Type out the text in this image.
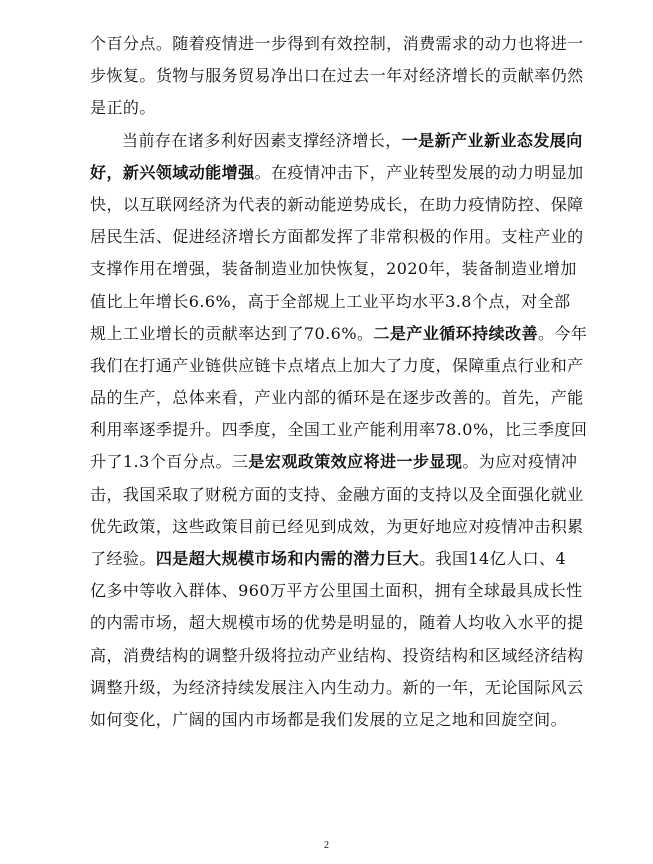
个 百 分 点 。 随 着 疫 情 进 一 步 得 到 有 效 控 制 ， 消 费 需 求 的 动 力 也 将 进 一
步 恢 复 。 货 物 与 服 务 贸 易 净 出 口 在 过 去 一 年 对 经 济 增 长 的 贡 献 率 仍 然
是正的。
当 前 存 在 诸 多 利 好 因 素 支 撑 经 济 增 长 ， 一 是 新 产 业 新 业 态 发 展 向
好 ， 新 兴 领 域 动 能 增 强 。 在 疫 情 冲 击 下 ， 产 业 转 型 发 展 的 动 力 明 显 加
快 ， 以 互 联 网 经 济 为 代 表 的 新 动 能 逆 势 成 长 ， 在 助 力 疫 情 防 控 、 保 障
居 民 生 活 、 促 进 经 济 增 长 方 面 都 发 挥 了 非 常 积 极 的 作 用 。 支 柱 产 业 的
支 撑 作 用 在 增 强 ， 装 备 制 造 业 加 快 恢 复 ， 2020 年 ， 装 备 制 造 业 增 加
值 比 上 年 增 长 6.6% ， 高 于 全 部 规 上 工 业 平 均 水 平 3.8 个 点 ， 对 全 部
规 上 工 业 增 长 的 贡 献 率 达 到 了 70.6% 。 二 是 产 业 循 环 持 续 改 善 。 今 年
我 们 在 打 通 产 业 链 供 应 链 卡 点 堵 点 上 加 大 了 力 度 ， 保 障 重 点 行 业 和 产
品 的 生 产 ， 总 体 来 看 ， 产 业 内 部 的 循 环 是 在 逐 步 改 善 的 。 首 先 ， 产 能
利 用 率 逐 季 提 升 。 四 季 度 ， 全 国 工 业 产 能 利 用 率 78.0% ， 比 三 季 度 回
升 了 1.3 个 百 分 点 。 三 是 宏 观 政 策 效 应 将 进 一 步 显 现 。 为 应 对 疫 情 冲
击 ， 我 国 采 取 了 财 税 方 面 的 支 持 、 金 融 方 面 的 支 持 以 及 全 面 强 化 就 业
优 先 政 策 ， 这 些 政 策 目 前 已 经 见 到 成 效 ， 为 更 好 地 应 对 疫 情 冲 击 积 累
了 经 验 。 四 是 超 大 规 模 市 场 和 内 需 的 潜 力 巨 大 。 我 国 14 亿 人 口 、 4
亿 多 中 等 收 入 群 体 、 960 万 平 方 公 里 国 土 面 积 ， 拥 有 全 球 最 具 成 长 性
的 内 需 市 场 ， 超 大 规 模 市 场 的 优 势 是 明 显 的 ， 随 着 人 均 收 入 水 平 的 提
高 ， 消 费 结 构 的 调 整 升 级 将 拉 动 产 业 结 构 、 投 资 结 构 和 区 域 经 济 结 构
调 整 升 级 ， 为 经 济 持 续 发 展 注 入 内 生 动 力 。 新 的 一 年 ， 无 论 国 际 风 云
如何变化，广阔的国内市场都是我们发展的立足之地和回旋空间。
2
